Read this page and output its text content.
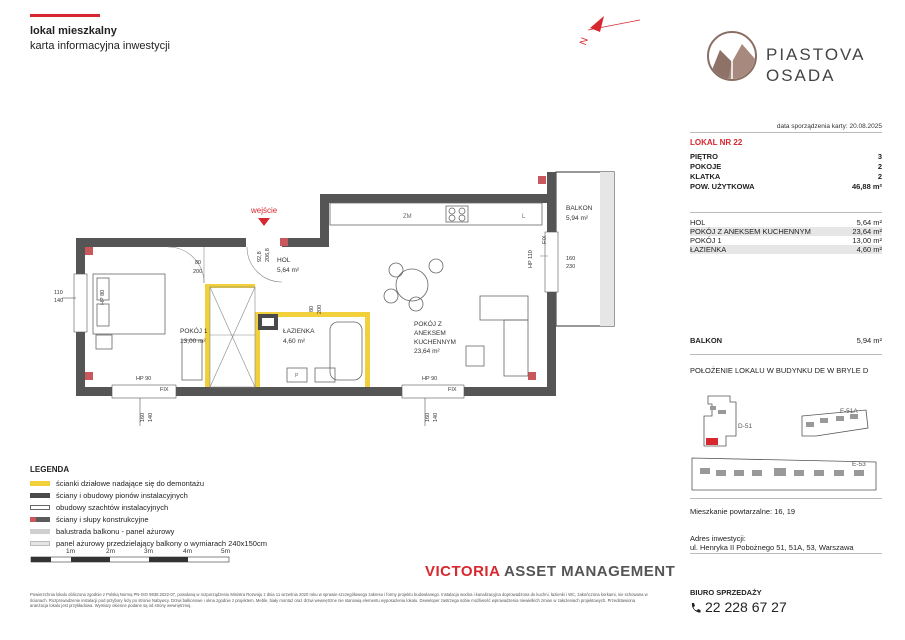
lokal mieszkalny
karta informacyjna inwestycji	PIASTOVA
OSADA
data sporządzenia karty: 20.08.2025
LOKAL NR 22
PIĘTRO	3
POKOJE	2
KLATKA	2
POW. UŻYTKOWA	46,88 m²
HOL	5,64 m²
POKÓJ Z ANEKSEM KUCHENNYM	23,64 m²
POKÓJ 1	13,00 m²
ŁAZIENKA	4,60 m²
BALKON	5,94 m²
POŁOŻENIE LOKALU W BUDYNKU DE W BRYLE D
D-51
F-51A
E-53
Mieszkanie powtarzalne: 16, 19
Adres inwestycji:
ul. Henryka II Pobożnego 51, 51A, 53, Warszawa
BIURO SPRZEDAŻY
22 228 67 27
N
ZM	L
P
wejście
POKÓJ 1
13,00 m²
ŁAZIENKA
4,60 m²
HOL
5,64 m²
POKÓJ Z
ANEKSEM
KUCHENNYM
23,64 m²
BALKON
5,94 m²
HP 90	HP 90
FIX	FIX
110
140
80
200
160
230
HP 80
92,8 206,8
80 200
HP 110
FIX
160 140	160 140
LEGENDA
ścianki działowe nadające się do demontażu
ściany i obudowy pionów instalacyjnych
obudowy szachtów instalacyjnych
ściany i słupy konstrukcyjne
balustrada balkonu - panel ażurowy
panel ażurowy przedzielający balkony o wymiarach 240x150cm
1m	2m	3m	4m	5m
VICTORIA ASSET MANAGEMENT
Powierzchnia lokalu obliczona zgodnie z Polską Normą PN-ISO 9836:2022-07, powołaną w rozporządzeniu Ministra Rozwoju z dnia 11 września 2020 roku w sprawie szczegółowego zakresu i formy projektu budowlanego. Instalacja wodna i kanalizacyjna doprowadzona do kuchni, łazienki i WC, zakończona korkami, nie schowana w ścianach. Rozprowadzenie instalacji pod przybory leży po stronie Nabywcy. Drzwi balkonowe i okna zgodnie z projektem. Meble, biały montaż oraz drzwi wewnętrzne nie stanowią elementu wyposażenia lokalu. Deweloper zastrzega sobie możliwość wprowadzenia niewielkich zmian w założeniach projektowych. Przedstawiona aranżacja lokalu jest przykładowa. Wymiary okienne podane są od strony wewnętrznej.
